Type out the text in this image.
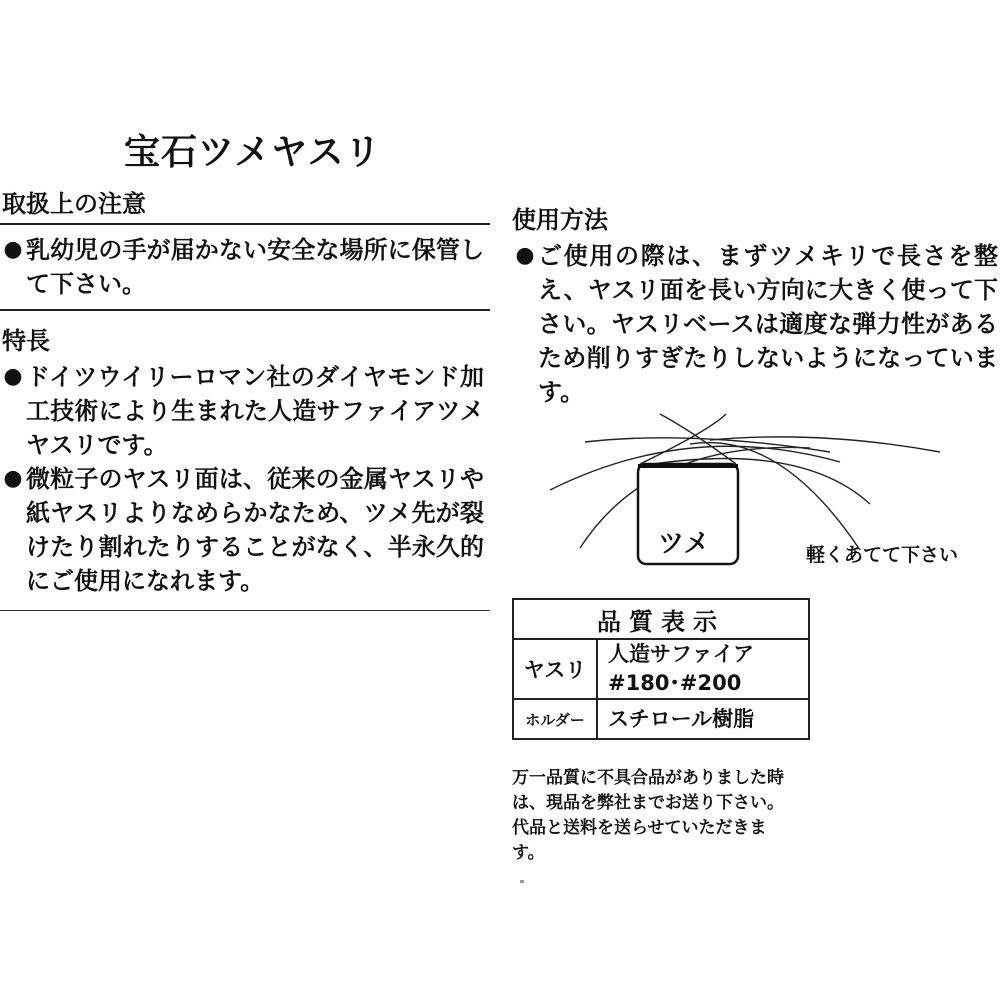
宝石ツメヤスリ
取扱上の注意
● 乳幼児の手が届かない安全な場所に保管して下さい。
特長
● ドイツウイリーロマン社のダイヤモンド加工技術により生まれた人造サファイアツメヤスリです。
● 微粒子のヤスリ面は、従来の金属ヤスリや紙ヤスリよりなめらかなため、ツメ先が裂けたり割れたりすることがなく、半永久的にご使用になれます。
使用方法
● ご使用の際は、まずツメキリで長さを整え、ヤスリ面を長い方向に大きく使って下さい。ヤスリベースは適度な弾力性があるため削りすぎたりしないようになっています。
ツメ	軽くあてて下さい
品質表示	
ヤスリ	人造サファイア
#180･#200

ホルダー	スチロール樹脂
万一品質に不具合品がありました時は、現品を弊社までお送り下さい。代品と送料を送らせていただきます。
